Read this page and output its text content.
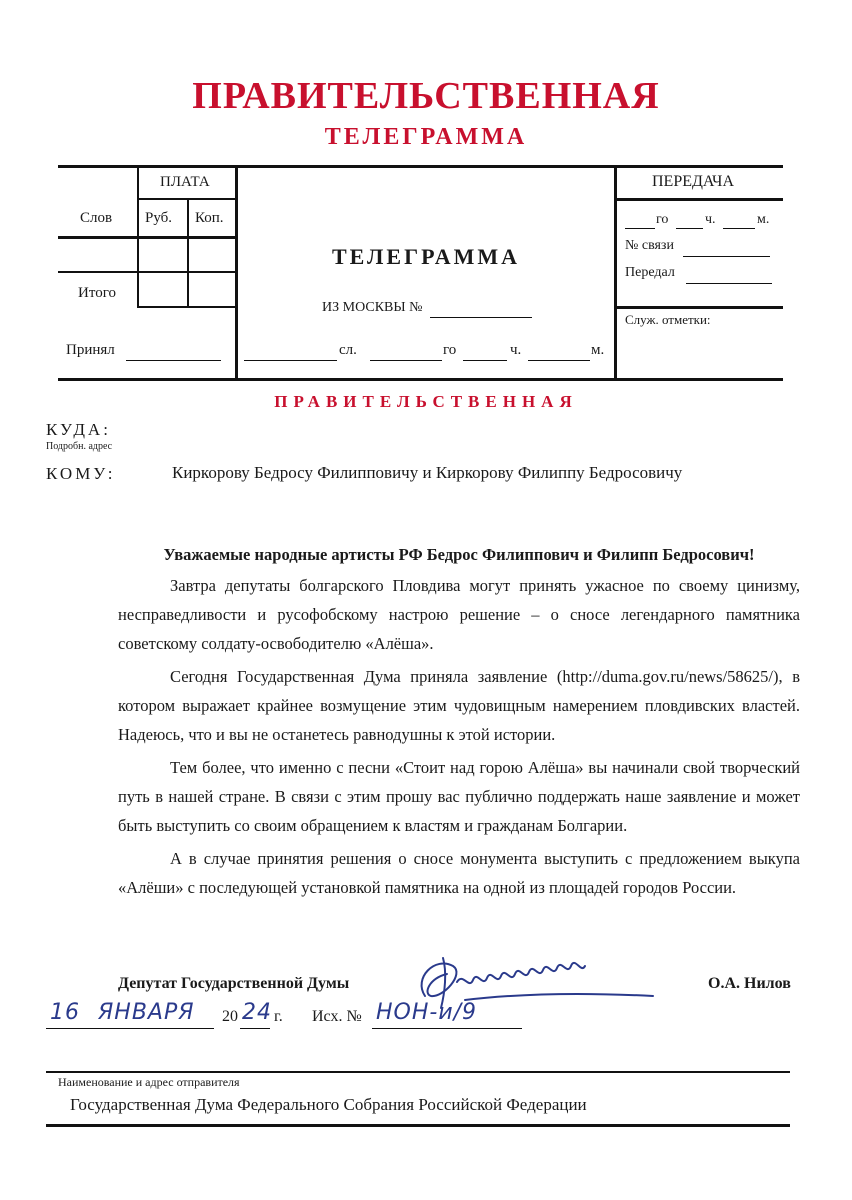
ПРАВИТЕЛЬСТВЕННАЯ
ТЕЛЕГРАММА
ПЛАТА
Слов Руб. Коп.
Итого
Принял
ТЕЛЕГРАММА
ИЗ МОСКВЫ №
сл.	го	ч.	м.
ПЕРЕДАЧА
го	ч.	м.
№ связи
Передал
Служ. отметки:
ПРАВИТЕЛЬСТВЕННАЯ
КУДА:
Подробн. адрес
КОМУ:	Киркорову Бедросу Филипповичу и Киркорову Филиппу Бедросовичу

Уважаемые народные артисты РФ Бедрос Филиппович и Филипп Бедросович!

Завтра депутаты болгарского Пловдива могут принять ужасное по своему цинизму, несправедливости и русофобскому настрою решение – о сносе легендарного памятника советскому солдату-освободителю «Алёша».

Сегодня Государственная Дума приняла заявление (http://duma.gov.ru/news/58625/), в котором выражает крайнее возмущение этим чудовищным намерением пловдивских властей. Надеюсь, что и вы не останетесь равнодушны к этой истории.

Тем более, что именно с песни «Стоит над горою Алёша» вы начинали свой творческий путь в нашей стране. В связи с этим прошу вас публично поддержать наше заявление и может быть выступить со своим обращением к властям и гражданам Болгарии.

А в случае принятия решения о сносе монумента выступить с предложением выкупа «Алёши» с последующей установкой памятника на одной из площадей городов России.

Депутат Государственной Думы	О.А. Нилов
16 ЯНВАРЯ 20 24 г. Исх. № НОН-и/9
Наименование и адрес отправителя
Государственная Дума Федерального Собрания Российской Федерации
